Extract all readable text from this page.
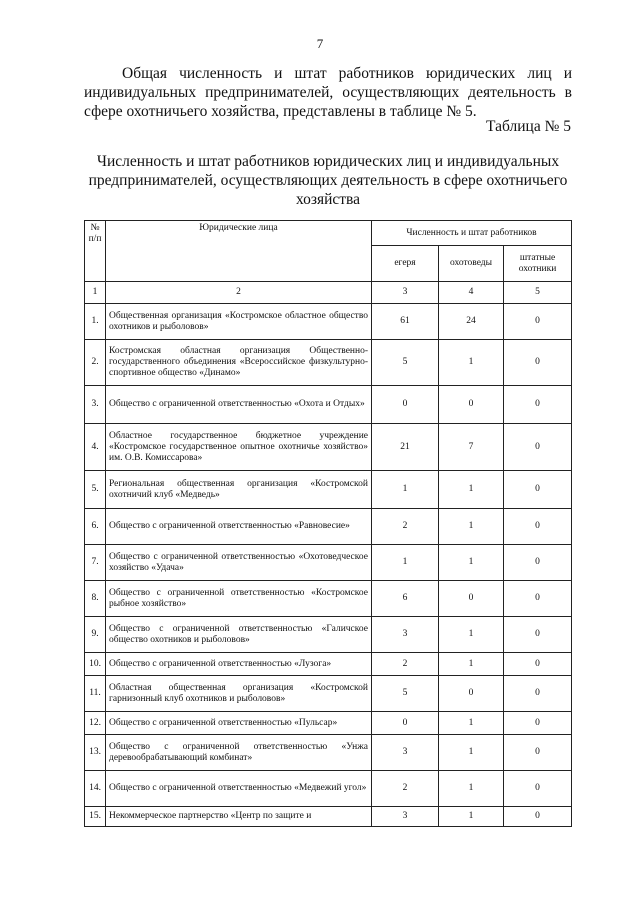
7

Общая численность и штат работников юридических лиц и индивидуальных предпринимателей, осуществляющих деятельность в сфере охотничьего хозяйства, представлены в таблице № 5.

Таблица № 5

Численность и штат работников юридических лиц и индивидуальных предпринимателей, осуществляющих деятельность в сфере охотничьего хозяйства

№ п/п	Юридические лица	Численность и штат работников		
		егеря	охотоведы	штатные охотники
1	2	3	4	5
1.	Общественная организация «Костромское областное общество охотников и рыболовов»	61	24	0
2.	Костромская областная организация Общественно-государственного объединения «Всероссийское физкультурно-спортивное общество «Динамо»	5	1	0
3.	Общество с ограниченной ответственностью «Охота и Отдых»	0	0	0
4.	Областное государственное бюджетное учреждение «Костромское государственное опытное охотничье хозяйство» им. О.В. Комиссарова»	21	7	0
5.	Региональная общественная организация «Костромской охотничий клуб «Медведь»	1	1	0
6.	Общество с ограниченной ответственностью «Равновесие»	2	1	0
7.	Общество с ограниченной ответственностью «Охотоведческое хозяйство «Удача»	1	1	0
8.	Общество с ограниченной ответственностью «Костромское рыбное хозяйство»	6	0	0
9.	Общество с ограниченной ответственностью «Галичское общество охотников и рыболовов»	3	1	0
10.	Общество с ограниченной ответственностью «Лузога»	2	1	0
11.	Областная общественная организация «Костромской гарнизонный клуб охотников и рыболовов»	5	0	0
12.	Общество с ограниченной ответственностью «Пульсар»	0	1	0
13.	Общество с ограниченной ответственностью «Унжа деревообрабатывающий комбинат»	3	1	0
14.	Общество с ограниченной ответственностью «Медвежий угол»	2	1	0
15.	Некоммерческое партнерство «Центр по защите и	3	1	0
